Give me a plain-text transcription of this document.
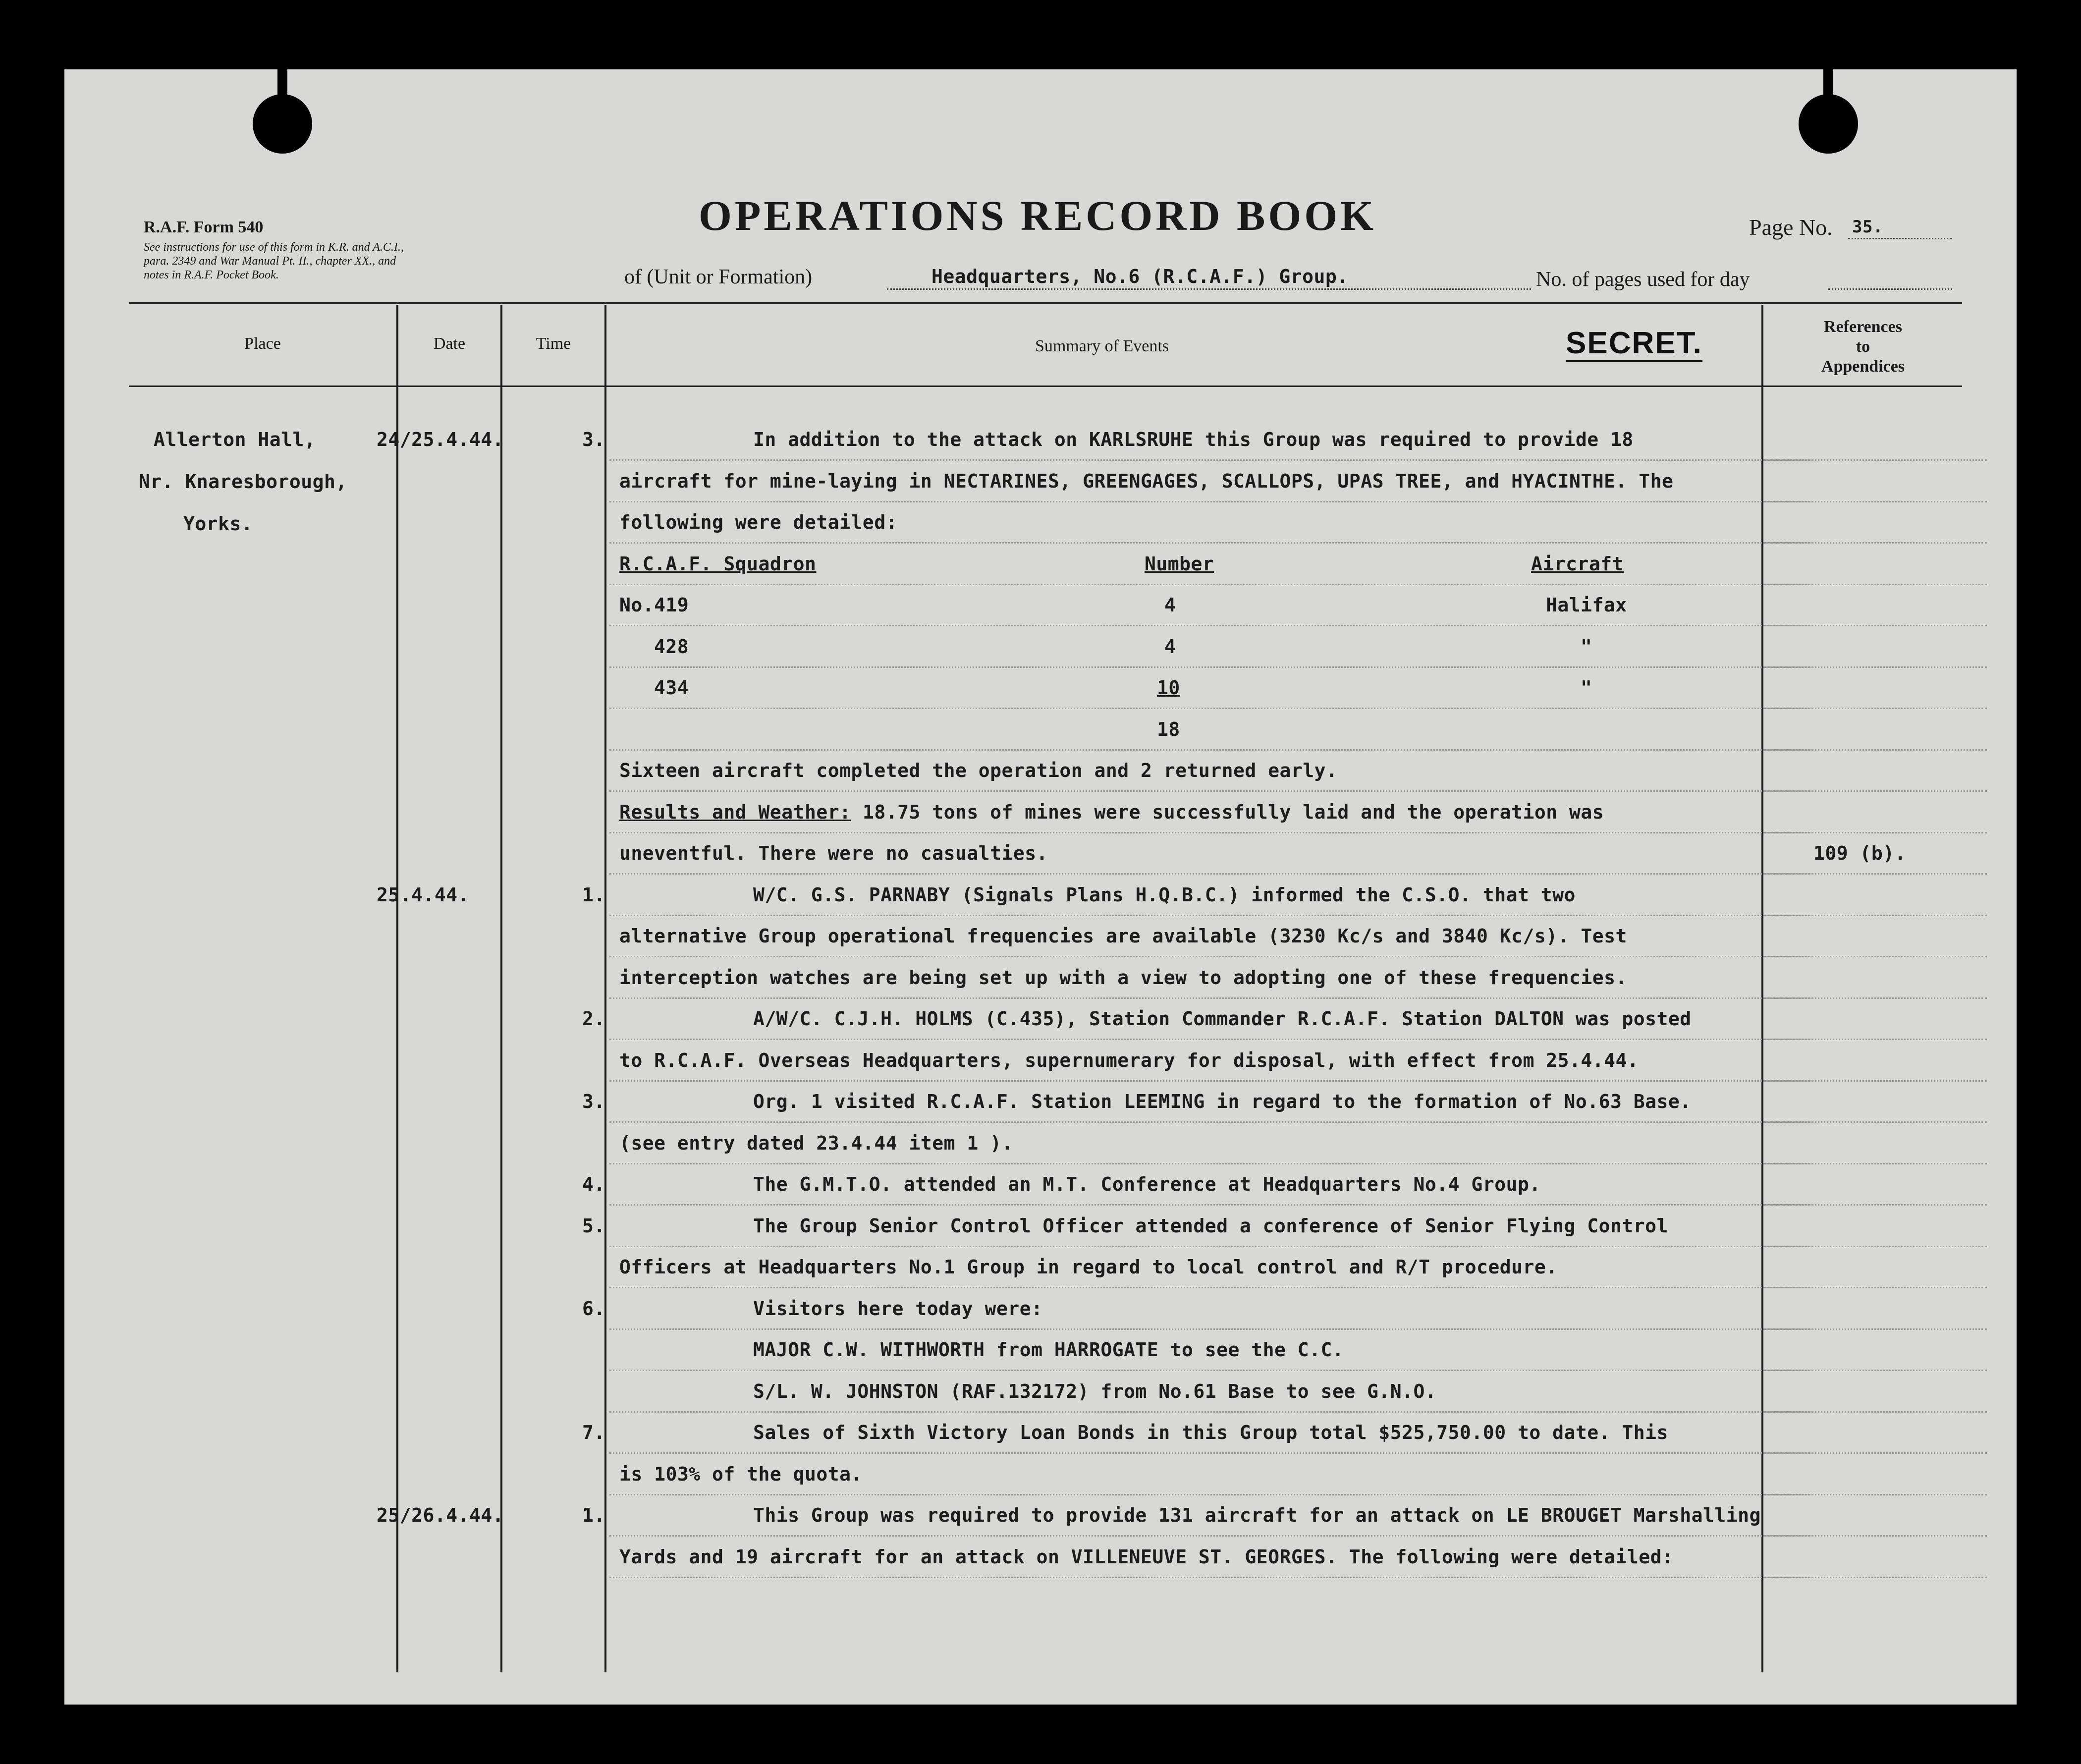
R.A.F. Form 540
See instructions for use of this form in K.R. and A.C.I.,
para. 2349 and War Manual Pt. II., chapter XX., and
notes in R.A.F. Pocket Book.
OPERATIONS RECORD BOOK	Page No. 35.
of (Unit or Formation)	Headquarters, No.6 (R.C.A.F.) Group.	No. of pages used for day
Place	Date	Time	Summary of Events	SECRET.	References
to
Appendices
Allerton Hall,
Nr. Knaresborough,
Yorks.
24/25.4.44.	3.	In addition to the attack on KARLSRUHE this Group was required to provide 18
aircraft for mine-laying in NECTARINES, GREENGAGES, SCALLOPS, UPAS TREE, and HYACINTHE. The
following were detailed:
R.C.A.F. Squadron	Number	Aircraft
No.419	4	Halifax
428	4	"
434	10	"
18
Sixteen aircraft completed the operation and 2 returned early.
Results and Weather: 18.75 tons of mines were successfully laid and the operation was
uneventful. There were no casualties.	109 (b).
25.4.44.	1.	W/C. G.S. PARNABY (Signals Plans H.Q.B.C.) informed the C.S.O. that two
alternative Group operational frequencies are available (3230 Kc/s and 3840 Kc/s). Test
interception watches are being set up with a view to adopting one of these frequencies.
2.	A/W/C. C.J.H. HOLMS (C.435), Station Commander R.C.A.F. Station DALTON was posted
to R.C.A.F. Overseas Headquarters, supernumerary for disposal, with effect from 25.4.44.
3.	Org. 1 visited R.C.A.F. Station LEEMING in regard to the formation of No.63 Base.
(see entry dated 23.4.44 item 1 ).
4.	The G.M.T.O. attended an M.T. Conference at Headquarters No.4 Group.
5.	The Group Senior Control Officer attended a conference of Senior Flying Control
Officers at Headquarters No.1 Group in regard to local control and R/T procedure.
6.	Visitors here today were:
MAJOR C.W. WITHWORTH from HARROGATE to see the C.C.
S/L. W. JOHNSTON (RAF.132172) from No.61 Base to see G.N.O.
7.	Sales of Sixth Victory Loan Bonds in this Group total $525,750.00 to date. This
is 103% of the quota.
25/26.4.44.	1.	This Group was required to provide 131 aircraft for an attack on LE BROUGET Marshalling
Yards and 19 aircraft for an attack on VILLENEUVE ST. GEORGES. The following were detailed:
